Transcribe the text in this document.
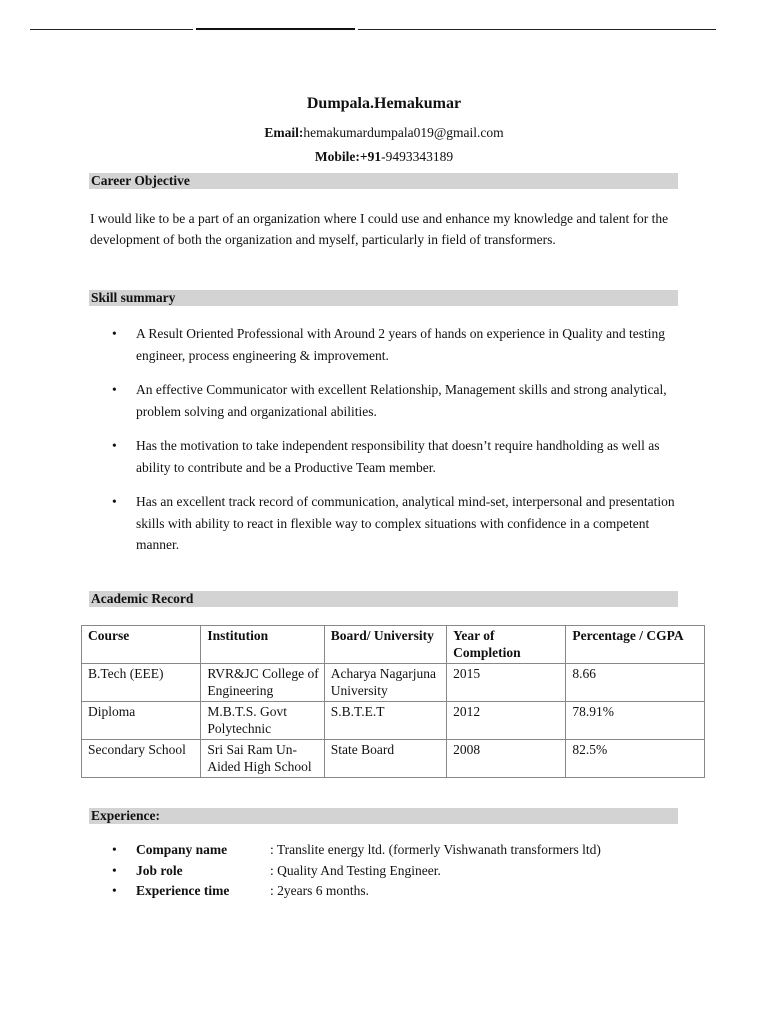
Dumpala.Hemakumar
Email:hemakumardumpala019@gmail.com
Mobile:+91-9493343189
Career Objective
I would like to be a part of an organization where I could use and enhance my knowledge and talent for the development of both the organization and myself, particularly in field of transformers.
Skill summary
• A Result Oriented Professional with Around 2 years of hands on experience in Quality and testing engineer, process engineering & improvement.
• An effective Communicator with excellent Relationship, Management skills and strong analytical, problem solving and organizational abilities.
• Has the motivation to take independent responsibility that doesn’t require handholding as well as ability to contribute and be a Productive Team member.
• Has an excellent track record of communication, analytical mind-set, interpersonal and presentation skills with ability to react in flexible way to complex situations with confidence in a competent manner.
Academic Record
Course	Institution	Board/ University	Year of Completion	Percentage / CGPA
B.Tech (EEE)	RVR&JC College of Engineering	Acharya Nagarjuna University	2015	8.66
Diploma	M.B.T.S. Govt Polytechnic	S.B.T.E.T	2012	78.91%
Secondary School	Sri Sai Ram Un-Aided High School	State Board	2008	82.5%
Experience:
• Company name	: Translite energy ltd. (formerly Vishwanath transformers ltd)
• Job role	: Quality And Testing Engineer.
• Experience time	: 2years 6 months.
